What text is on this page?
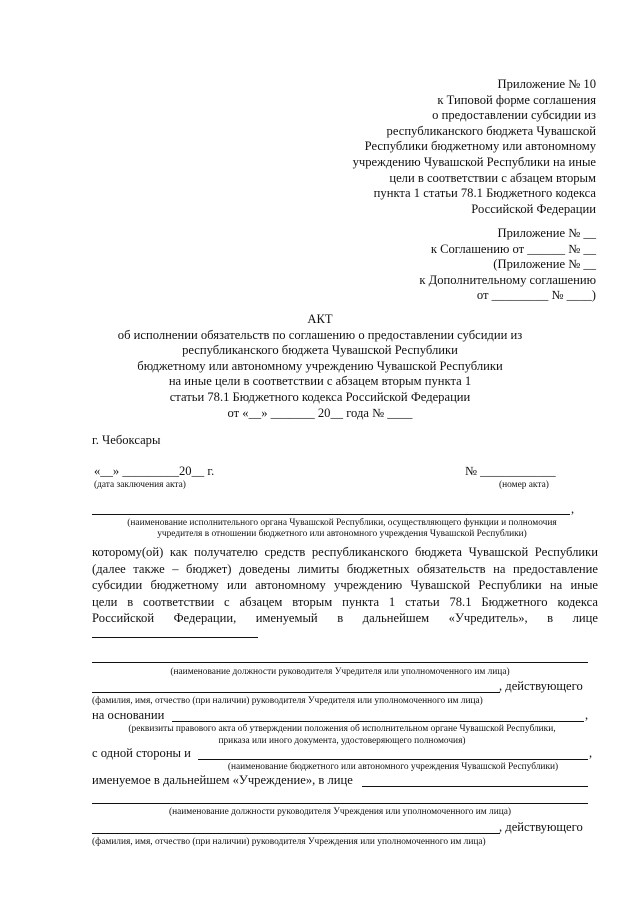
Приложение № 10
к Типовой форме соглашения
о предоставлении субсидии из
республиканского бюджета Чувашской
Республики бюджетному или автономному
учреждению Чувашской Республики на иные
цели в соответствии с абзацем вторым
пункта 1 статьи 78.1 Бюджетного кодекса
Российской Федерации
Приложение № __
к Соглашению от ______ № __
(Приложение № __
к Дополнительному соглашению
от _________ № ____)
АКТ
об исполнении обязательств по соглашению о предоставлении субсидии из
республиканского бюджета Чувашской Республики
бюджетному или автономному учреждению Чувашской Республики
на иные цели в соответствии с абзацем вторым пункта 1
статьи 78.1 Бюджетного кодекса Российской Федерации
от «__» _______ 20__ года № ____
г. Чебоксары
«__» _________20__ г.
(дата заключения акта)
№ ____________
(номер акта)
,
(наименование исполнительного органа Чувашской Республики, осуществляющего функции и полномочия
учредителя в отношении бюджетного или автономного учреждения Чувашской Республики)
которому(ой) как получателю средств республиканского бюджета Чувашской Республики
(далее также – бюджет) доведены лимиты бюджетных обязательств на предоставление
субсидии бюджетному или автономному учреждению Чувашской Республики на иные
цели в соответствии с абзацем вторым пункта 1 статьи 78.1 Бюджетного кодекса
Российской Федерации, именуемый в дальнейшем «Учредитель», в лице
(наименование должности руководителя Учредителя или уполномоченного им лица)
, действующего
(фамилия, имя, отчество (при наличии) руководителя Учредителя или уполномоченного им лица)
на основании	,
(реквизиты правового акта об утверждении положения об исполнительном органе Чувашской Республики,
приказа или иного документа, удостоверяющего полномочия)
с одной стороны и	,
(наименование бюджетного или автономного учреждения Чувашской Республики)
именуемое в дальнейшем «Учреждение», в лице
(наименование должности руководителя Учреждения или уполномоченного им лица)
, действующего
(фамилия, имя, отчество (при наличии) руководителя Учреждения или уполномоченного им лица)
